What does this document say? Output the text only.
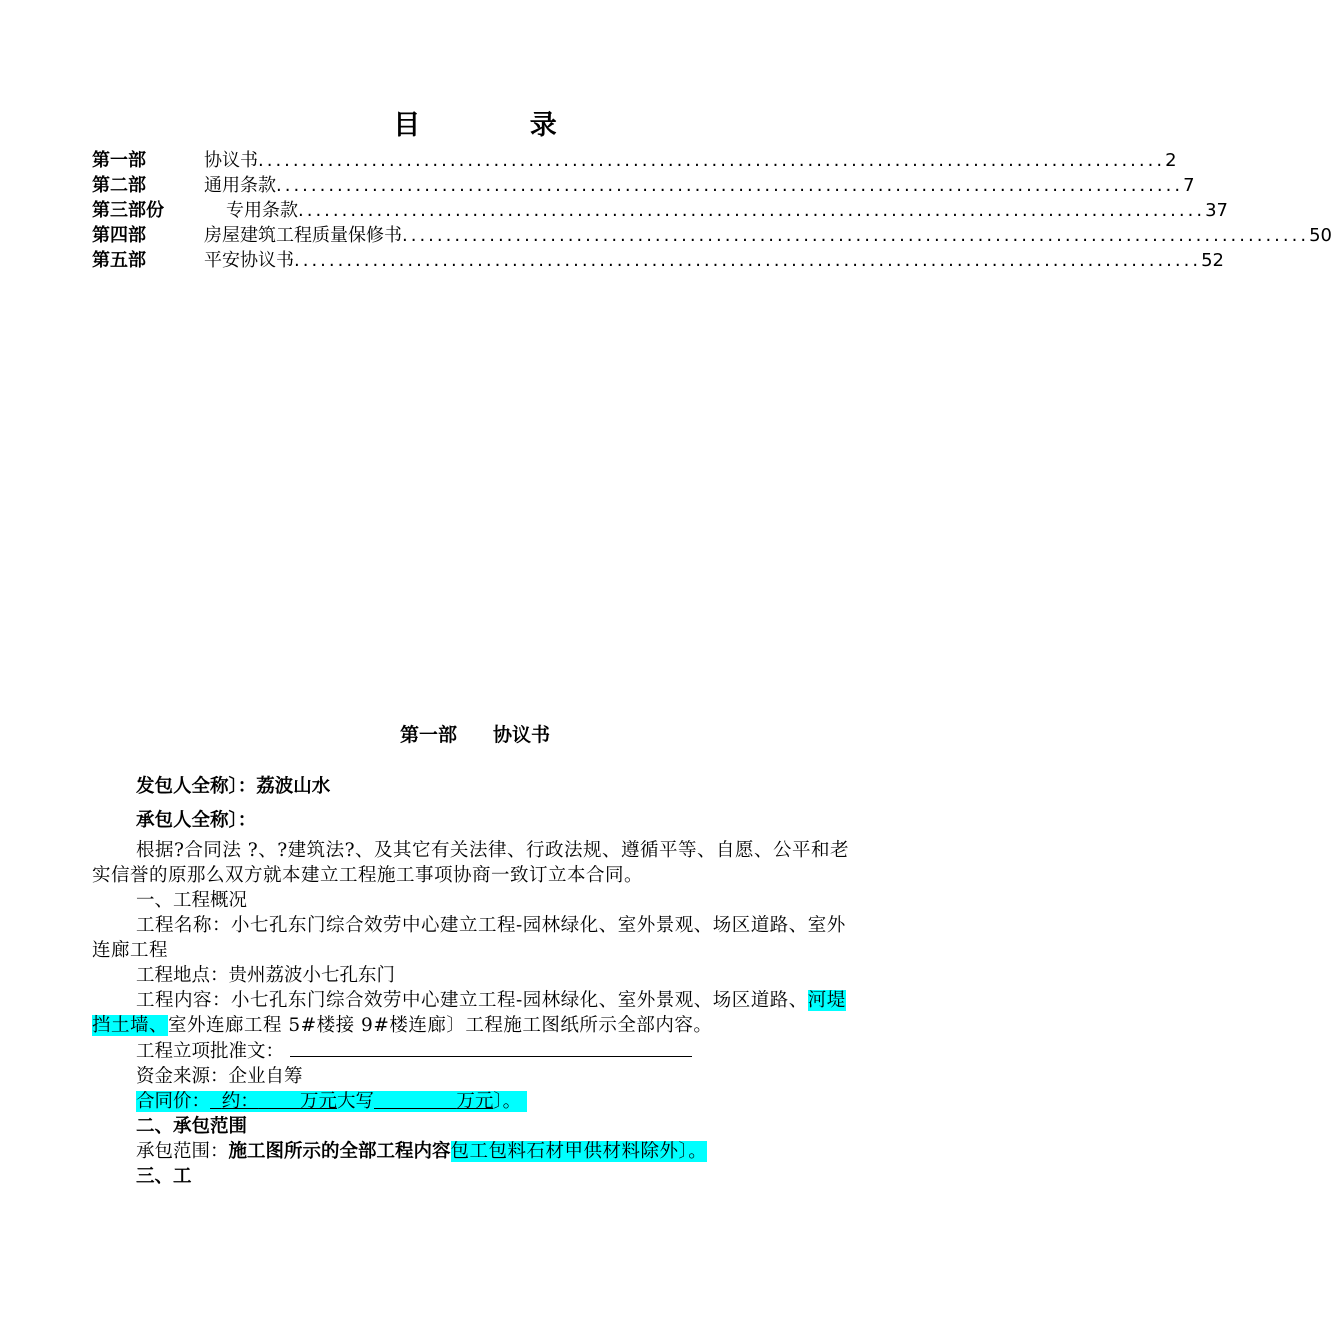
目 录
第一部	协议书 ........................................................................................................ 2
第二部	通用条款 ........................................................................................................ 7
第三部份	专用条款 ........................................................................................................ 37
第四部	房屋建筑工程质量保修书 ........................................................................................................ 50
第五部	平安协议书 ........................................................................................................ 52
第一部 协议书

发包人全称〕：荔波山水

承包人全称〕：

根据?合同法 ?、?建筑法?、及其它有关法律、行政法规、遵循平等、自愿、公平和老实信誉的原那么双方就本建立工程施工事项协商一致订立本合同。

一、工程概况

工程名称：小七孔东门综合效劳中心建立工程-园林绿化、室外景观、场区道路、室外连廊工程

工程地点：贵州荔波小七孔东门

工程内容：小七孔东门综合效劳中心建立工程-园林绿化、室外景观、场区道路、河堤挡土墙、室外连廊工程 5#楼接 9#楼连廊〕工程施工图纸所示全部内容。

工程立项批准文：

资金来源：企业自筹

合同价： 约： 万元大写	万元〕。

二、承包范围

承包范围：施工图所示的全部工程内容包工包料石材甲供材料除外〕。

三、工
